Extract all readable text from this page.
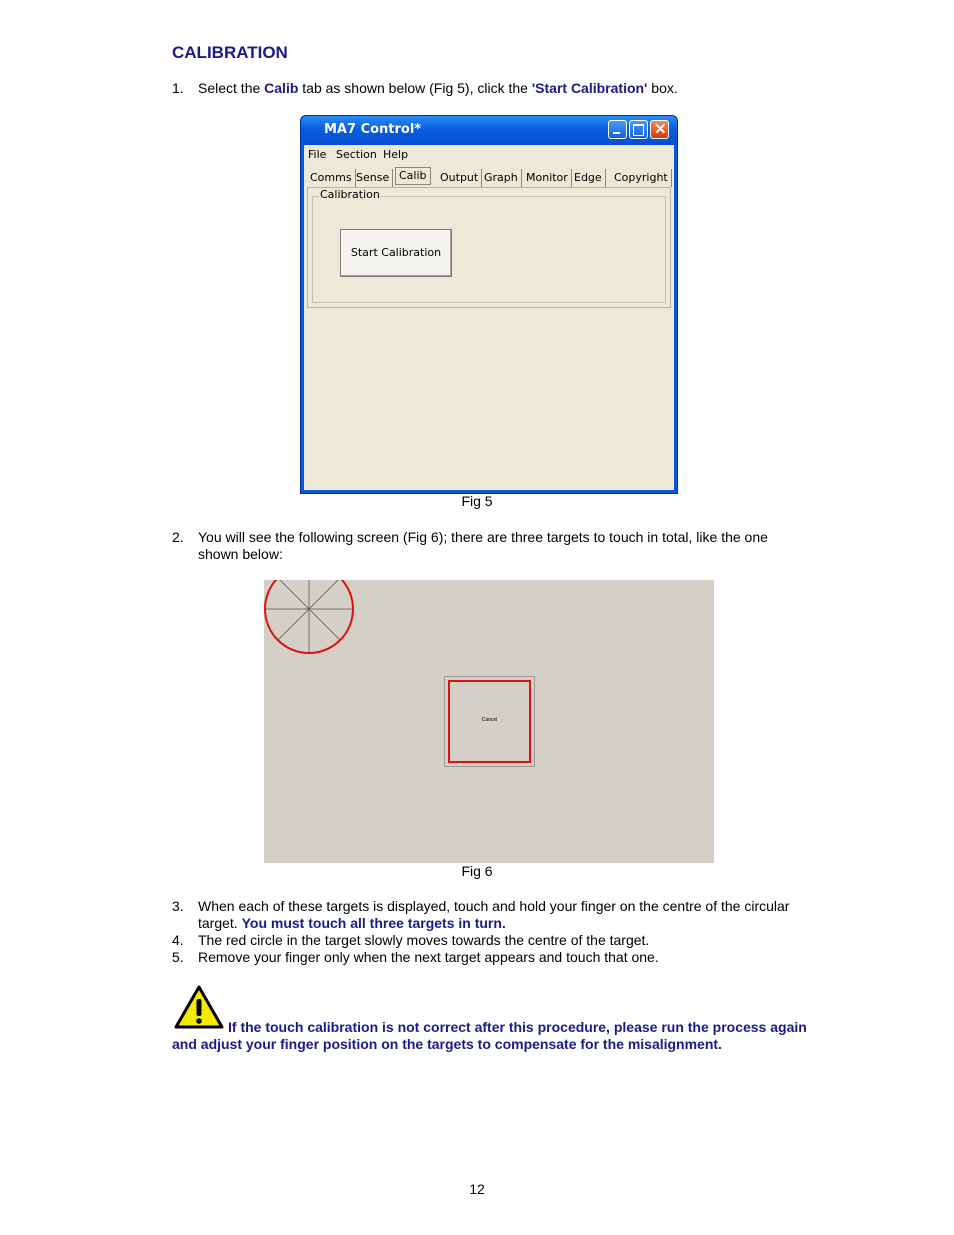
CALIBRATION
1. Select the Calib tab as shown below (Fig 5), click the 'Start Calibration' box.
MA7 Control*	✕
File Section Help
Comms Sense Calib	Output Graph Monitor Edge	Copyright
Calibration
Start Calibration
Fig 5
2. You will see the following screen (Fig 6); there are three targets to touch in total, like the one shown below:
Cancel
Fig 6
3. When each of these targets is displayed, touch and hold your finger on the centre of the circular target. You must touch all three targets in turn.
4. The red circle in the target slowly moves towards the centre of the target.
5. Remove your finger only when the next target appears and touch that one.
If the touch calibration is not correct after this procedure, please run the process again and adjust your finger position on the targets to compensate for the misalignment.
12
